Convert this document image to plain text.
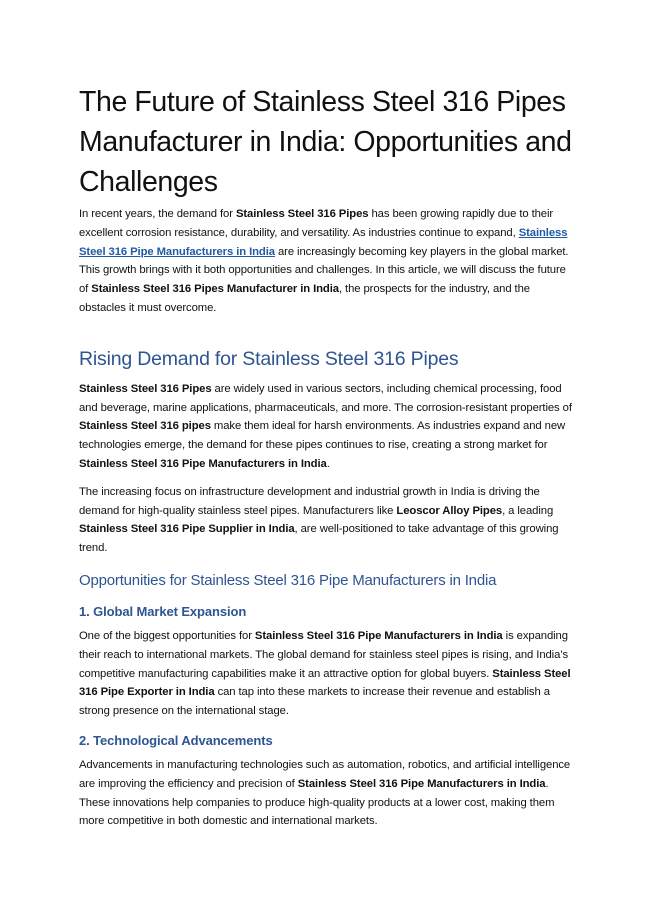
The Future of Stainless Steel 316 Pipes Manufacturer in India: Opportunities and Challenges

In recent years, the demand for Stainless Steel 316 Pipes has been growing rapidly due to their excellent corrosion resistance, durability, and versatility. As industries continue to expand, Stainless Steel 316 Pipe Manufacturers in India are increasingly becoming key players in the global market. This growth brings with it both opportunities and challenges. In this article, we will discuss the future of Stainless Steel 316 Pipes Manufacturer in India, the prospects for the industry, and the obstacles it must overcome.

Rising Demand for Stainless Steel 316 Pipes

Stainless Steel 316 Pipes are widely used in various sectors, including chemical processing, food and beverage, marine applications, pharmaceuticals, and more. The corrosion-resistant properties of Stainless Steel 316 pipes make them ideal for harsh environments. As industries expand and new technologies emerge, the demand for these pipes continues to rise, creating a strong market for Stainless Steel 316 Pipe Manufacturers in India.

The increasing focus on infrastructure development and industrial growth in India is driving the demand for high-quality stainless steel pipes. Manufacturers like Leoscor Alloy Pipes, a leading Stainless Steel 316 Pipe Supplier in India, are well-positioned to take advantage of this growing trend.

Opportunities for Stainless Steel 316 Pipe Manufacturers in India
1. Global Market Expansion

One of the biggest opportunities for Stainless Steel 316 Pipe Manufacturers in India is expanding their reach to international markets. The global demand for stainless steel pipes is rising, and India’s competitive manufacturing capabilities make it an attractive option for global buyers. Stainless Steel 316 Pipe Exporter in India can tap into these markets to increase their revenue and establish a strong presence on the international stage.

2. Technological Advancements

Advancements in manufacturing technologies such as automation, robotics, and artificial intelligence are improving the efficiency and precision of Stainless Steel 316 Pipe Manufacturers in India. These innovations help companies to produce high-quality products at a lower cost, making them more competitive in both domestic and international markets.
